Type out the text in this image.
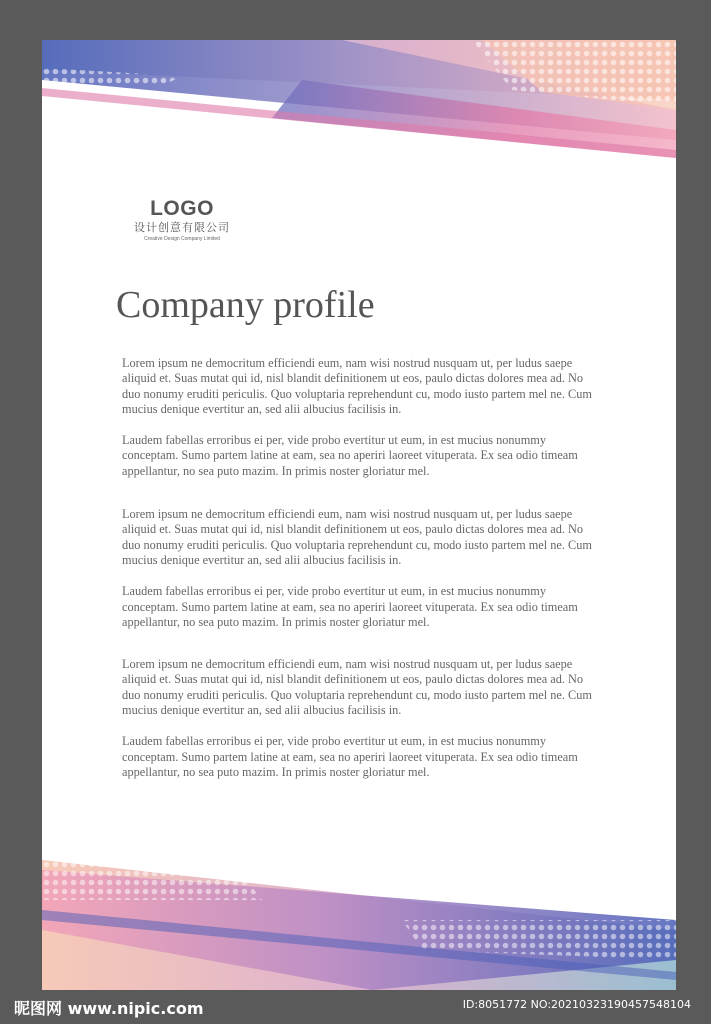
LOGO
设计创意有限公司
Creative Design Company Limited
Company profile

Lorem ipsum ne democritum efficiendi eum, nam wisi nostrud nusquam ut, per ludus saepe aliquid et. Suas mutat qui id, nisl blandit definitionem ut eos, paulo dictas dolores mea ad. No duo nonumy eruditi periculis. Quo voluptaria reprehendunt cu, modo iusto partem mel ne. Cum mucius denique evertitur an, sed alii albucius facilisis in.

Laudem fabellas erroribus ei per, vide probo evertitur ut eum, in est mucius nonummy conceptam. Sumo partem latine at eam, sea no aperiri laoreet vituperata. Ex sea odio timeam appellantur, no sea puto mazim. In primis noster gloriatur mel.

Lorem ipsum ne democritum efficiendi eum, nam wisi nostrud nusquam ut, per ludus saepe aliquid et. Suas mutat qui id, nisl blandit definitionem ut eos, paulo dictas dolores mea ad. No duo nonumy eruditi periculis. Quo voluptaria reprehendunt cu, modo iusto partem mel ne. Cum mucius denique evertitur an, sed alii albucius facilisis in.

Laudem fabellas erroribus ei per, vide probo evertitur ut eum, in est mucius nonummy conceptam. Sumo partem latine at eam, sea no aperiri laoreet vituperata. Ex sea odio timeam appellantur, no sea puto mazim. In primis noster gloriatur mel.

Lorem ipsum ne democritum efficiendi eum, nam wisi nostrud nusquam ut, per ludus saepe aliquid et. Suas mutat qui id, nisl blandit definitionem ut eos, paulo dictas dolores mea ad. No duo nonumy eruditi periculis. Quo voluptaria reprehendunt cu, modo iusto partem mel ne. Cum mucius denique evertitur an, sed alii albucius facilisis in.

Laudem fabellas erroribus ei per, vide probo evertitur ut eum, in est mucius nonummy conceptam. Sumo partem latine at eam, sea no aperiri laoreet vituperata. Ex sea odio timeam appellantur, no sea puto mazim. In primis noster gloriatur mel.

昵图网 www.nipic.com	ID:8051772 NO:20210323190457548104
